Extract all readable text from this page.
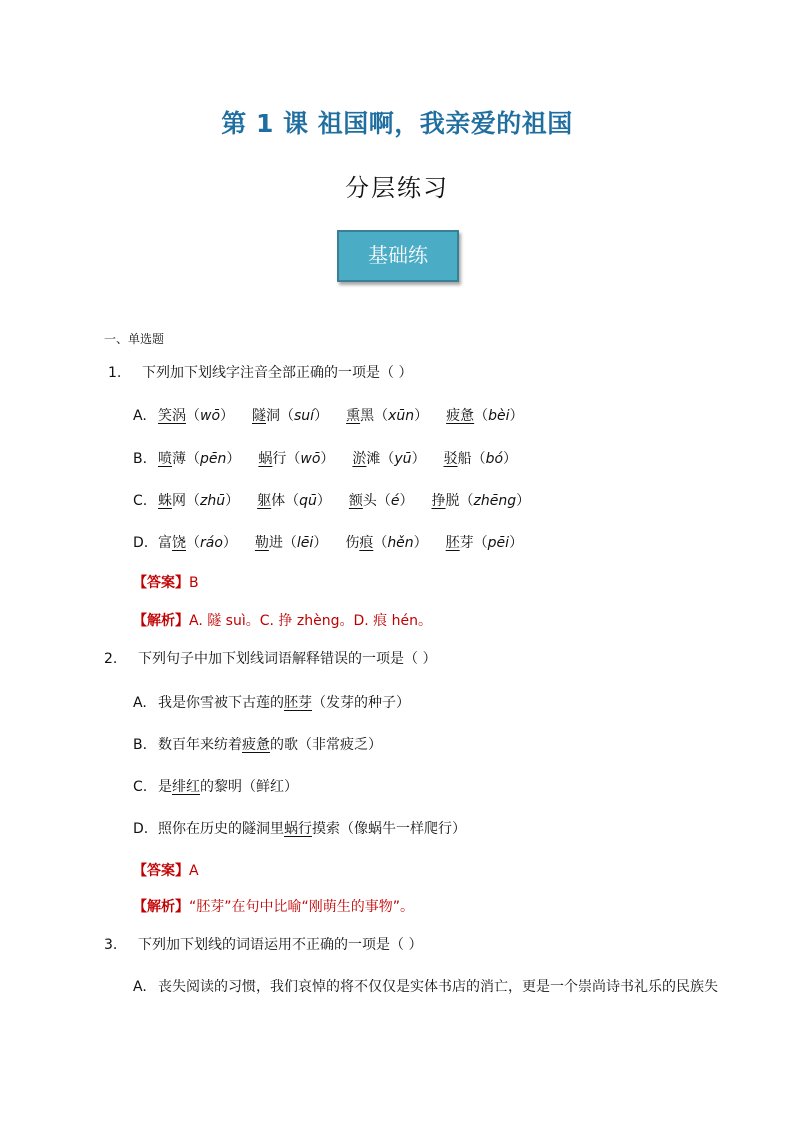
第 1 课 祖国啊，我亲爱的祖国
分层练习
基础练
一、单选题
1. 下列加下划线字注音全部正确的一项是（ ）
A. 笑涡（wō） 隧洞（suí） 熏黑（xūn） 疲惫（bèi）
B. 喷薄（pēn） 蜗行（wō） 淤滩（yū） 驳船（bó）
C. 蛛网（zhū） 躯体（qū） 额头（é） 挣脱（zhēng）
D. 富饶（ráo） 勒进（lēi） 伤痕（hěn） 胚芽（pēi）
【答案】B
【解析】A. 隧 suì。C. 挣 zhèng。D. 痕 hén。
2. 下列句子中加下划线词语解释错误的一项是（ ）
A. 我是你雪被下古莲的胚芽（发芽的种子）
B. 数百年来纺着疲惫的歌（非常疲乏）
C. 是绯红的黎明（鲜红）
D. 照你在历史的隧洞里蜗行摸索（像蜗牛一样爬行）
【答案】A
【解析】“胚芽”在句中比喻“刚萌生的事物”。
3. 下列加下划线的词语运用不正确的一项是（ ）
A. 丧失阅读的习惯，我们哀悼的将不仅仅是实体书店的消亡，更是一个崇尚诗书礼乐的民族失
